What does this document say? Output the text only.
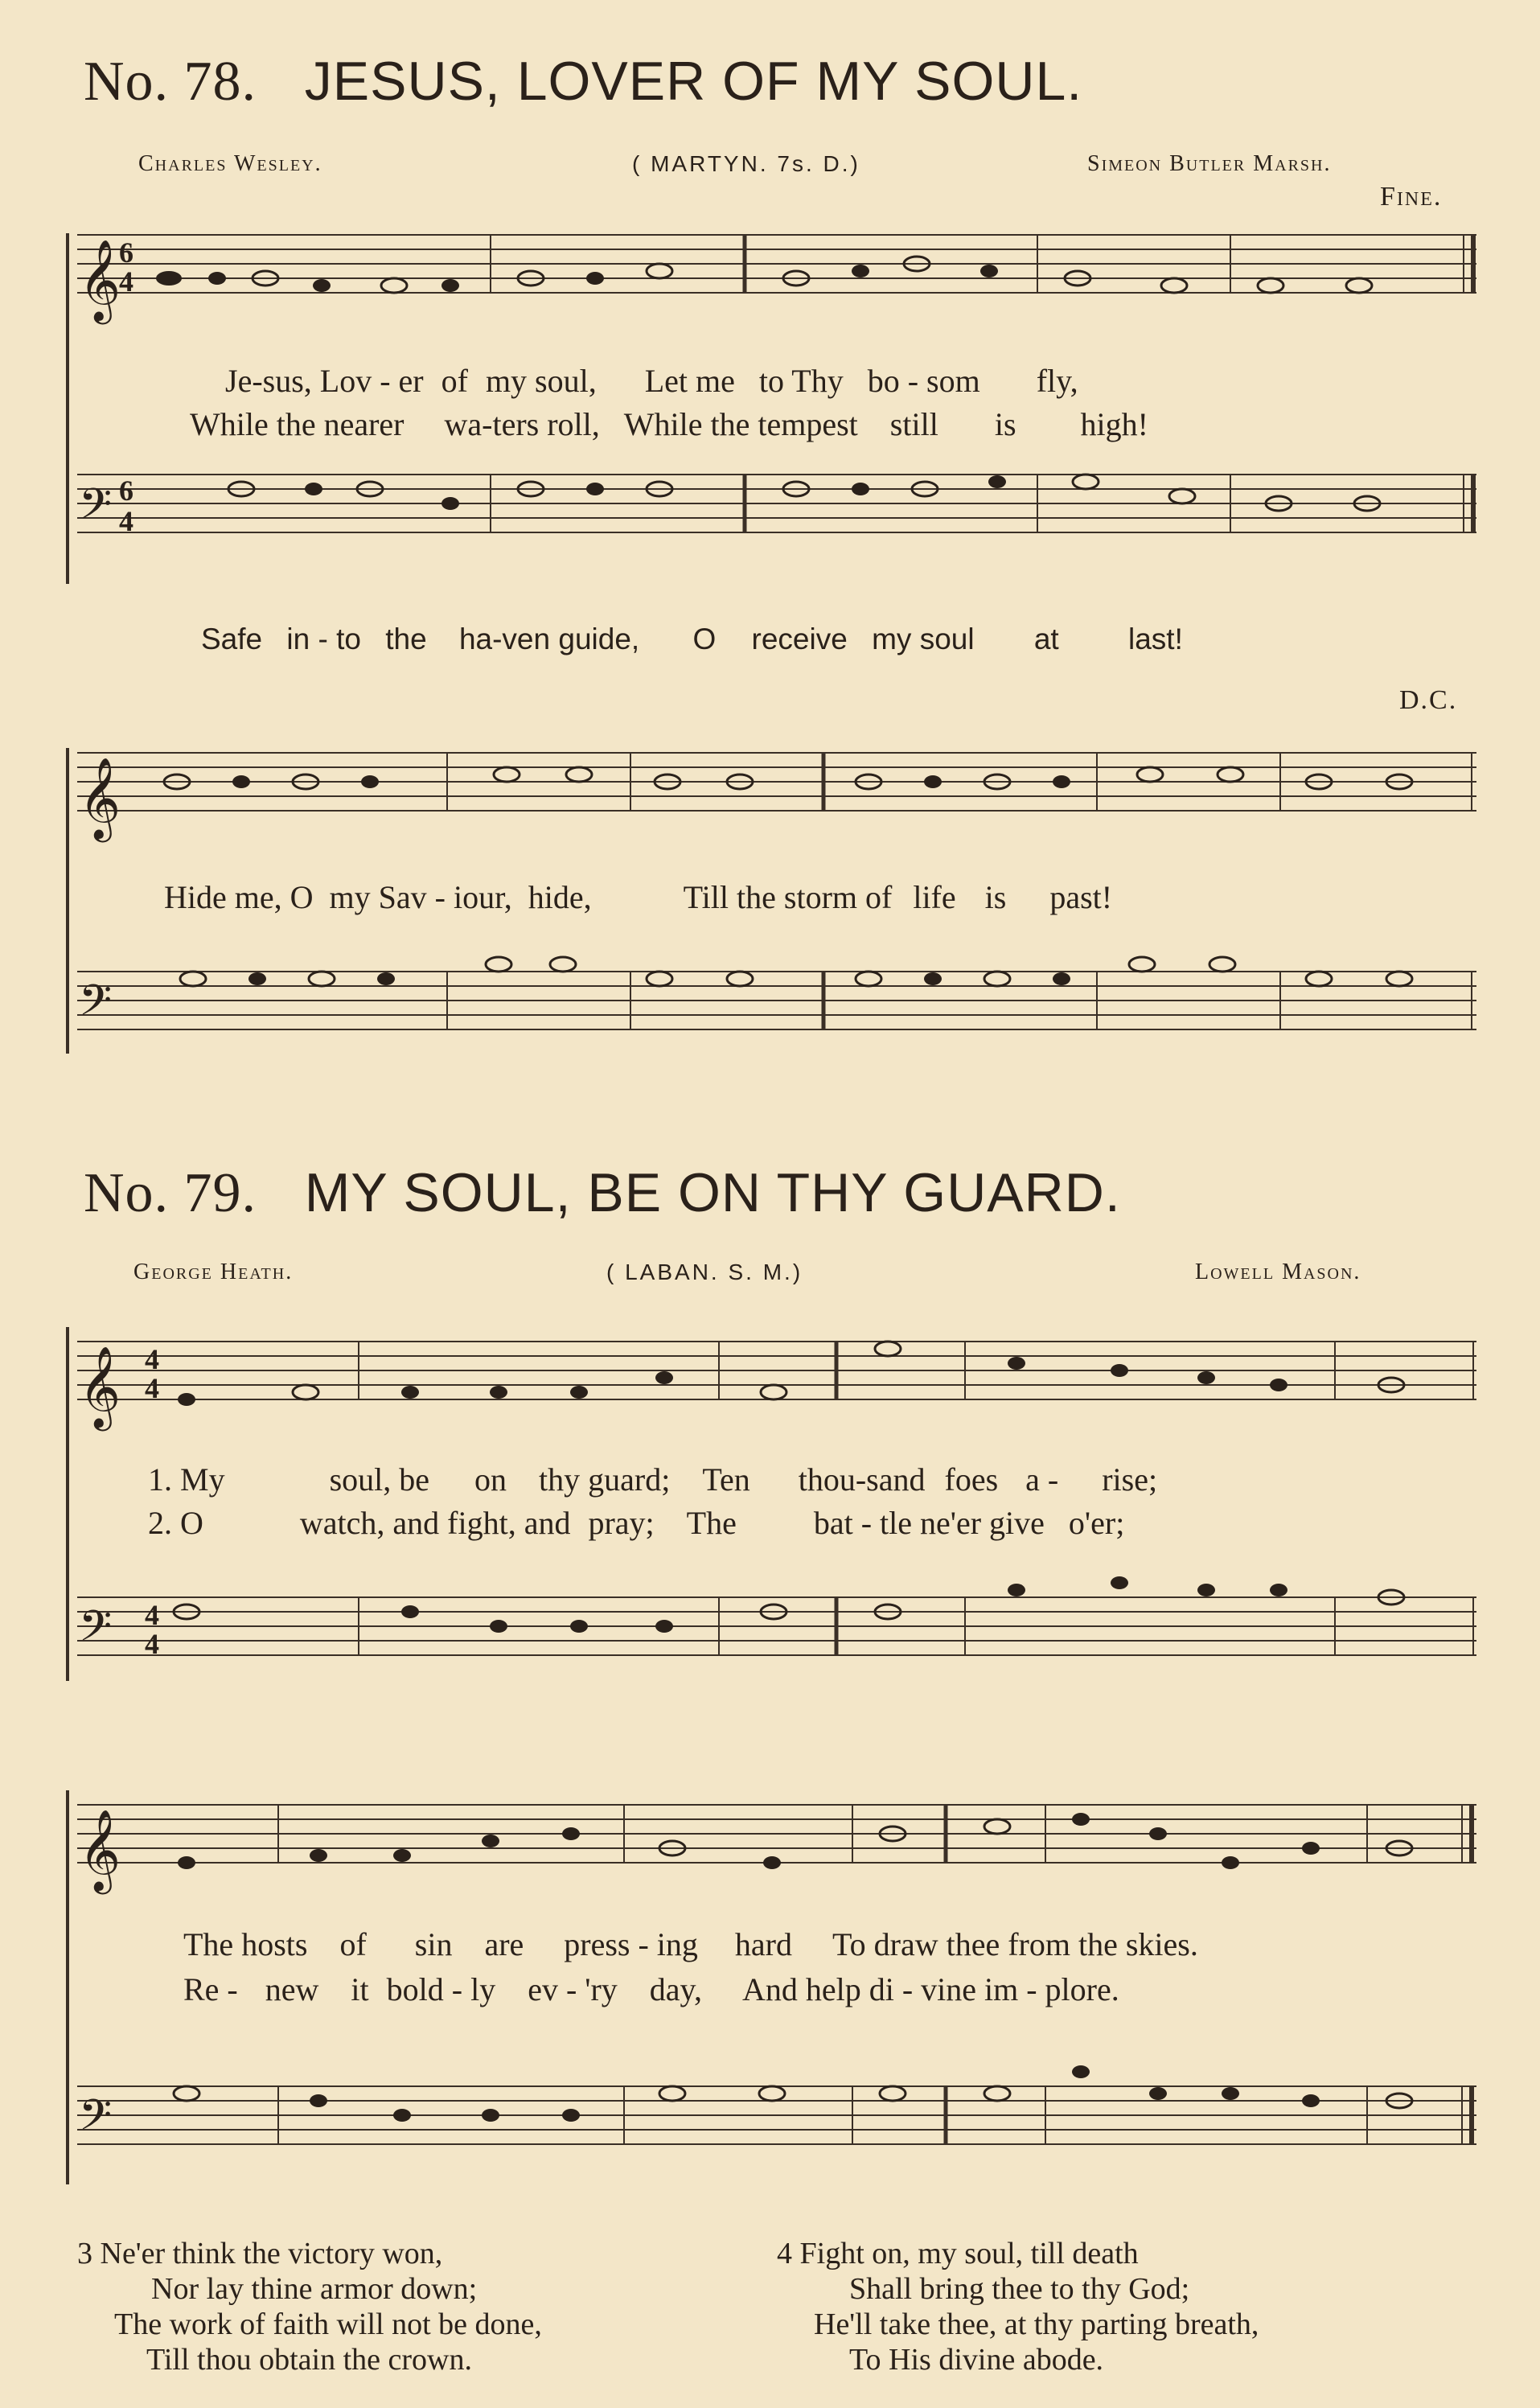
No. 78. JESUS, LOVER OF MY SOUL.
Charles Wesley.	( MARTYN. 7s. D.)	Simeon Butler Marsh.
Fine.
D.C.
𝄞
𝄢
𝄞
𝄢
6
4
6
4
Je-sus, Lov - er of my soul, Let me to Thy bo - som fly,
While the nearer wa-ters roll, While the tempest still is high!
Safe in - to the ha-ven guide, O receive my soul at last!
Hide me, O my Sav - iour, hide,	Till the storm of life is past!
No. 79. MY SOUL, BE ON THY GUARD.
George Heath.	( LABAN. S. M.)	Lowell Mason.
𝄞
𝄢
𝄞
𝄢
4
4
4
4
1. My	soul, be on thy guard; Ten thou-sand foes a - rise;
2. O	watch, and fight, and pray; The bat - tle ne'er give o'er;
The hosts of sin are press - ing hard To draw thee from the skies.
Re - new it bold - ly ev - 'ry day, And help di - vine im - plore.
3 Ne'er think the victory won,
Nor lay thine armor down;
The work of faith will not be done,
Till thou obtain the crown.
4 Fight on, my soul, till death
Shall bring thee to thy God;
He'll take thee, at thy parting breath,
To His divine abode.
